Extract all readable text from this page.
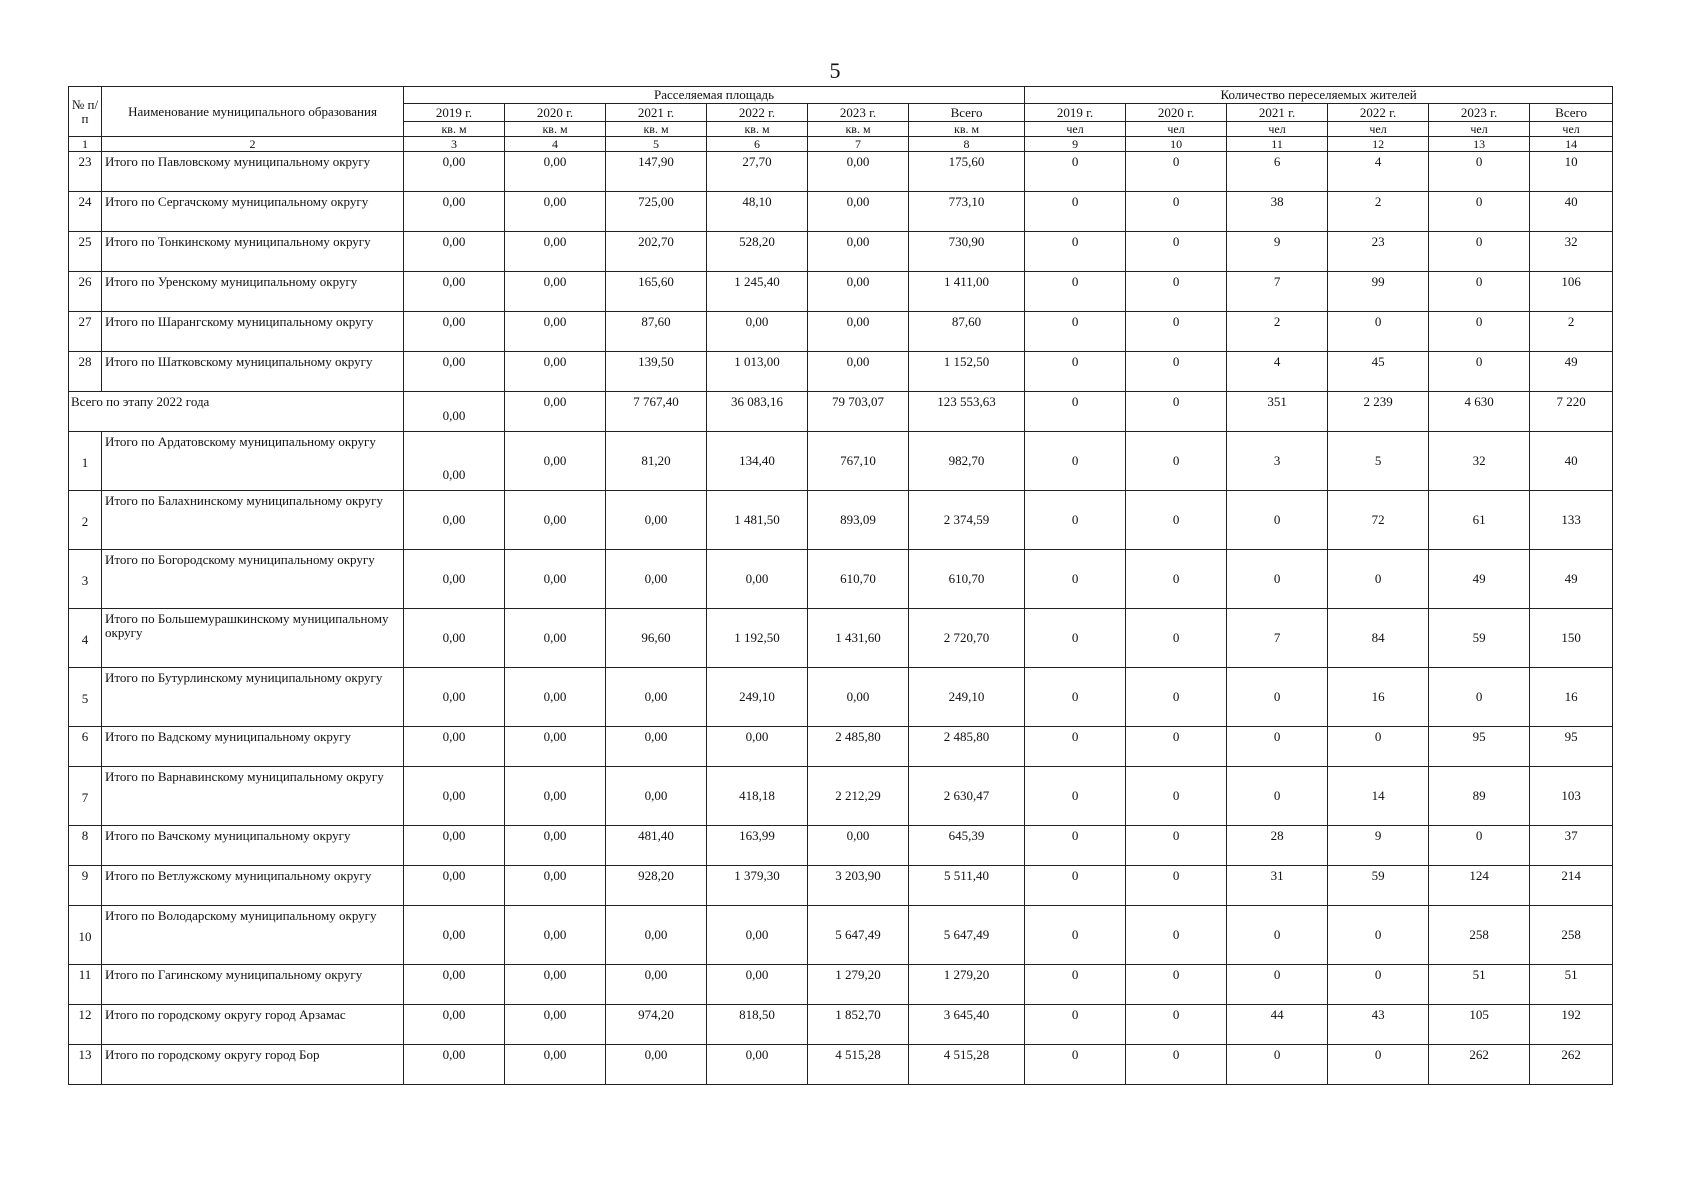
5
№ п/п	Наименование муниципального образования	Расселяемая площадь						Количество переселяемых жителей					
		2019 г.	2020 г.	2021 г.	2022 г.	2023 г.	Всего	2019 г.	2020 г.	2021 г.	2022 г.	2023 г.	Всего
		кв. м	кв. м	кв. м	кв. м	кв. м	кв. м	чел	чел	чел	чел	чел	чел
1	2	3	4	5	6	7	8	9	10	11	12	13	14
23	Итого по Павловскому муниципальному округу	0,00	0,00	147,90	27,70	0,00	175,60	0	0	6	4	0	10
24	Итого по Сергачскому муниципальному округу	0,00	0,00	725,00	48,10	0,00	773,10	0	0	38	2	0	40
25	Итого по Тонкинскому муниципальному округу	0,00	0,00	202,70	528,20	0,00	730,90	0	0	9	23	0	32
26	Итого по Уренскому муниципальному округу	0,00	0,00	165,60	1 245,40	0,00	1 411,00	0	0	7	99	0	106
27	Итого по Шарангскому муниципальному округу	0,00	0,00	87,60	0,00	0,00	87,60	0	0	2	0	0	2
28	Итого по Шатковскому муниципальному округу	0,00	0,00	139,50	1 013,00	0,00	1 152,50	0	0	4	45	0	49
Всего по этапу 2022 года		0,00	0,00	7 767,40	36 083,16	79 703,07	123 553,63	0	0	351	2 239	4 630	7 220
1	Итого по Ардатовскому муниципальному округу	0,00	0,00	81,20	134,40	767,10	982,70	0	0	3	5	32	40
2	Итого по Балахнинскому муниципальному округу	0,00	0,00	0,00	1 481,50	893,09	2 374,59	0	0	0	72	61	133
3	Итого по Богородскому муниципальному округу	0,00	0,00	0,00	0,00	610,70	610,70	0	0	0	0	49	49
4	Итого по Большемурашкинскому муниципальному округу	0,00	0,00	96,60	1 192,50	1 431,60	2 720,70	0	0	7	84	59	150
5	Итого по Бутурлинскому муниципальному округу	0,00	0,00	0,00	249,10	0,00	249,10	0	0	0	16	0	16
6	Итого по Вадскому муниципальному округу	0,00	0,00	0,00	0,00	2 485,80	2 485,80	0	0	0	0	95	95
7	Итого по Варнавинскому муниципальному округу	0,00	0,00	0,00	418,18	2 212,29	2 630,47	0	0	0	14	89	103
8	Итого по Вачскому муниципальному округу	0,00	0,00	481,40	163,99	0,00	645,39	0	0	28	9	0	37
9	Итого по Ветлужскому муниципальному округу	0,00	0,00	928,20	1 379,30	3 203,90	5 511,40	0	0	31	59	124	214
10	Итого по Володарскому муниципальному округу	0,00	0,00	0,00	0,00	5 647,49	5 647,49	0	0	0	0	258	258
11	Итого по Гагинскому муниципальному округу	0,00	0,00	0,00	0,00	1 279,20	1 279,20	0	0	0	0	51	51
12	Итого по городскому округу город Арзамас	0,00	0,00	974,20	818,50	1 852,70	3 645,40	0	0	44	43	105	192
13	Итого по городскому округу город Бор	0,00	0,00	0,00	0,00	4 515,28	4 515,28	0	0	0	0	262	262
